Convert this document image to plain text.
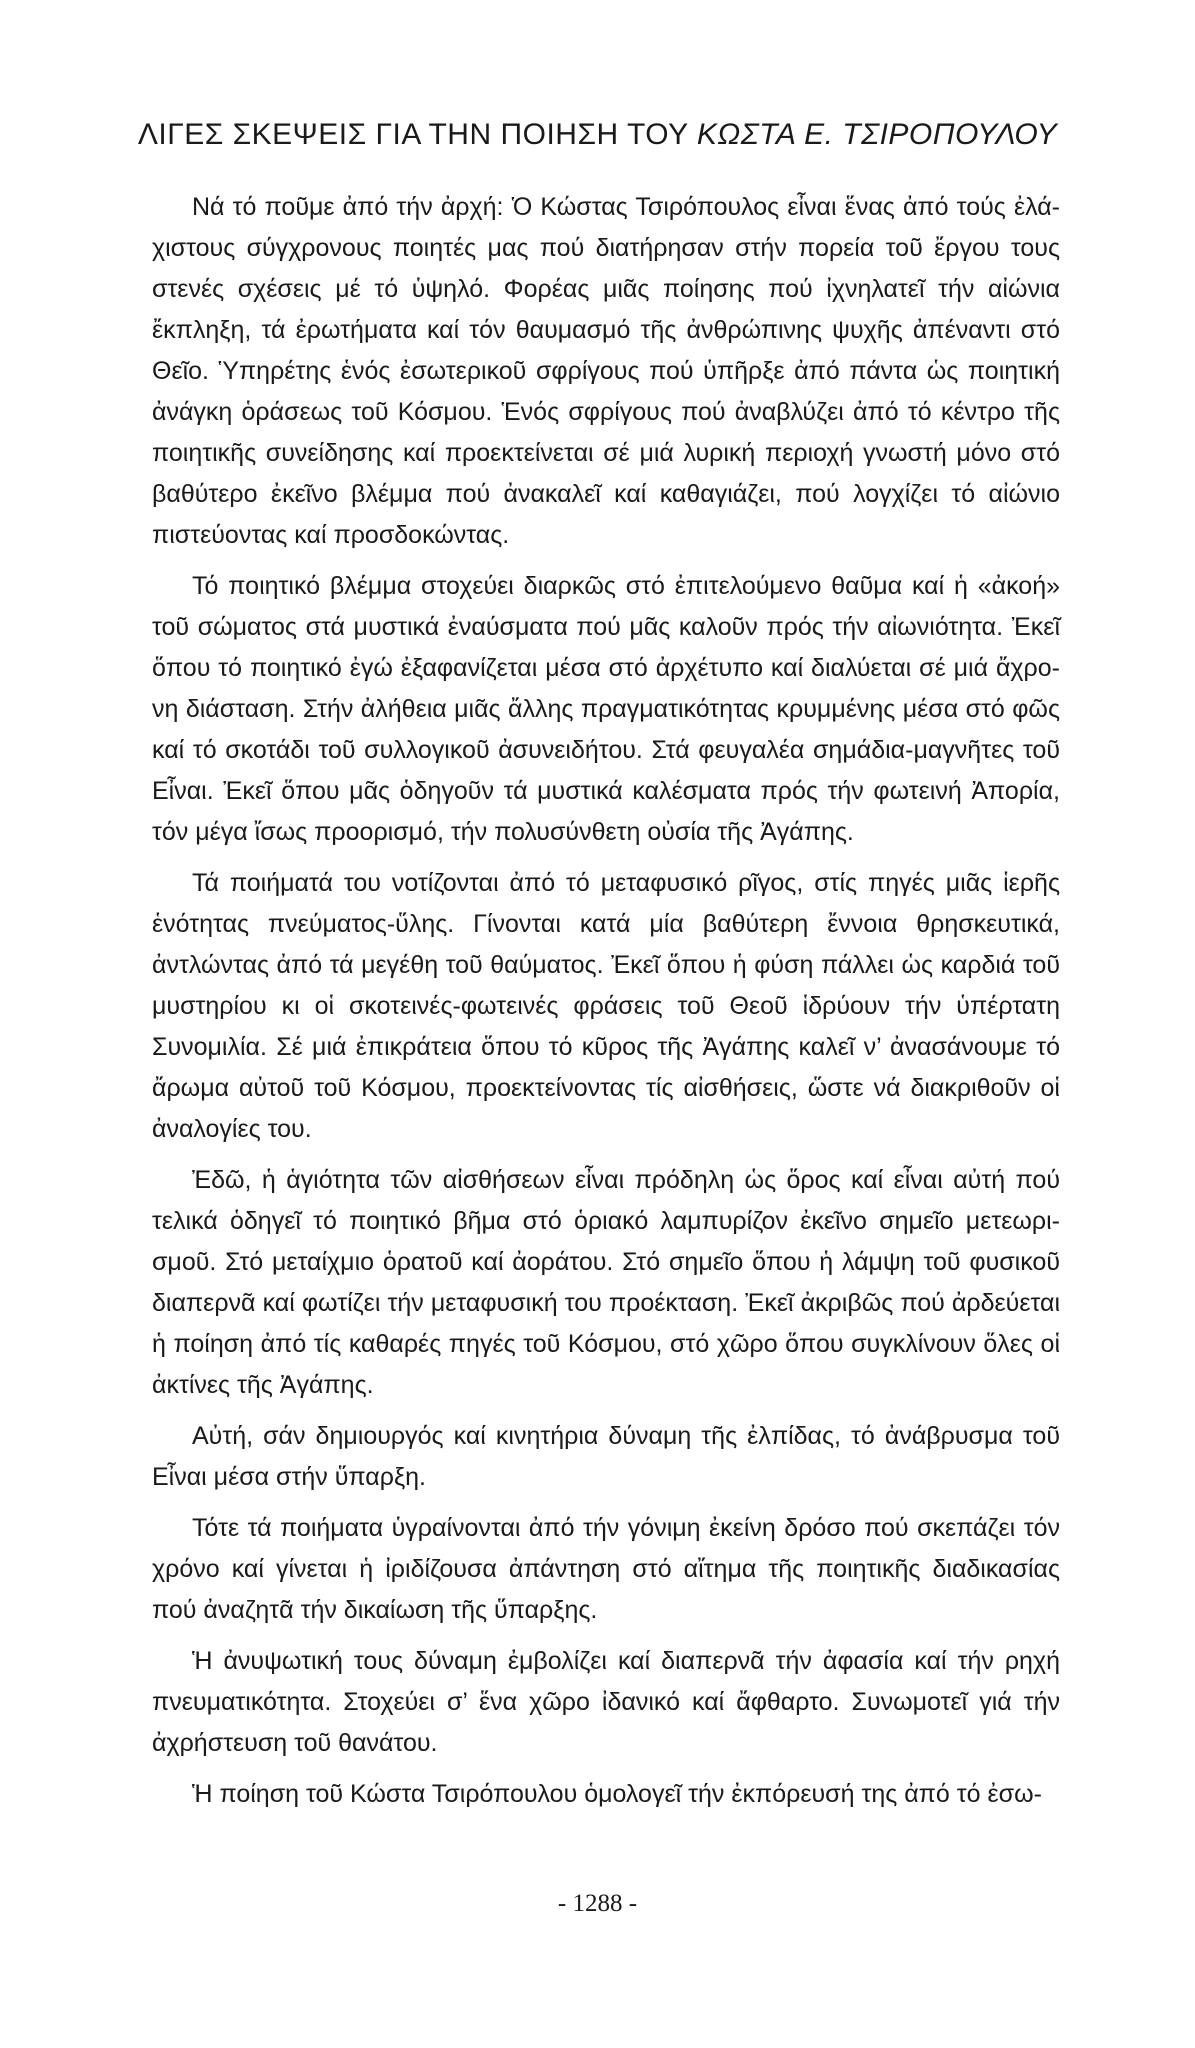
ΛΙΓΕΣ ΣΚΕΨΕΙΣ ΓΙΑ ΤΗΝ ΠΟΙΗΣΗ ΤΟΥ ΚΩΣΤΑ Ε. ΤΣΙΡΟΠΟΥΛΟΥ

Νά τό ποῦμε ἀπό τήν ἀρχή: Ὁ Κώστας Τσιρόπουλος εἶναι ἕνας ἀπό τούς ἐλάχιστους σύγχρονους ποιητές μας πού διατήρησαν στήν πορεία τοῦ ἔργου τους στενές σχέσεις μέ τό ὑψηλό. Φορέας μιᾶς ποίησης πού ἰχνηλατεῖ τήν αἰώνια ἔκπληξη, τά ἐρωτήματα καί τόν θαυμασμό τῆς ἀνθρώπινης ψυχῆς ἀπέναντι στό Θεῖο. Ὑπηρέτης ἑνός ἐσωτερικοῦ σφρίγους πού ὑπῆρξε ἀπό πάντα ὡς ποιητική ἀνάγκη ὁράσεως τοῦ Κόσμου. Ἑνός σφρίγους πού ἀναβλύζει ἀπό τό κέντρο τῆς ποιητικῆς συνείδησης καί προεκτείνεται σέ μιά λυρική περιοχή γνωστή μόνο στό βαθύτερο ἐκεῖνο βλέμμα πού ἀνακαλεῖ καί καθαγιάζει, πού λογχίζει τό αἰώνιο πιστεύοντας καί προσδοκώντας.

Τό ποιητικό βλέμμα στοχεύει διαρκῶς στό ἐπιτελούμενο θαῦμα καί ἡ «ἀκοή» τοῦ σώματος στά μυστικά ἐναύσματα πού μᾶς καλοῦν πρός τήν αἰωνιότητα. Ἐκεῖ ὅπου τό ποιητικό ἐγώ ἐξαφανίζεται μέσα στό ἀρχέτυπο καί διαλύεται σέ μιά ἄχρονη διάσταση. Στήν ἀλήθεια μιᾶς ἄλλης πραγματικότητας κρυμμένης μέσα στό φῶς καί τό σκοτάδι τοῦ συλλογικοῦ ἀσυνειδήτου. Στά φευγαλέα σημάδια-μαγνῆτες τοῦ Εἶναι. Ἐκεῖ ὅπου μᾶς ὁδηγοῦν τά μυστικά καλέσματα πρός τήν φωτεινή Ἀπορία, τόν μέγα ἴσως προορισμό, τήν πολυσύνθετη οὐσία τῆς Ἀγάπης.

Τά ποιήματά του νοτίζονται ἀπό τό μεταφυσικό ρῖγος, στίς πηγές μιᾶς ἱερῆς ἑνότητας πνεύματος-ὕλης. Γίνονται κατά μία βαθύτερη ἔννοια θρησκευτικά, ἀντλώντας ἀπό τά μεγέθη τοῦ θαύματος. Ἐκεῖ ὅπου ἡ φύση πάλλει ὡς καρδιά τοῦ μυστηρίου κι οἱ σκοτεινές-φωτεινές φράσεις τοῦ Θεοῦ ἱδρύουν τήν ὑπέρτατη Συνομιλία. Σέ μιά ἐπικράτεια ὅπου τό κῦρος τῆς Ἀγάπης καλεῖ ν’ ἀνασάνουμε τό ἄρωμα αὐτοῦ τοῦ Κόσμου, προεκτείνοντας τίς αἰσθήσεις, ὥστε νά διακριθοῦν οἱ ἀναλογίες του.

Ἐδῶ, ἡ ἁγιότητα τῶν αἰσθήσεων εἶναι πρόδηλη ὡς ὅρος καί εἶναι αὐτή πού τελικά ὁδηγεῖ τό ποιητικό βῆμα στό ὁριακό λαμπυρίζον ἐκεῖνο σημεῖο μετεωρισμοῦ. Στό μεταίχμιο ὁρατοῦ καί ἀοράτου. Στό σημεῖο ὅπου ἡ λάμψη τοῦ φυσικοῦ διαπερνᾶ καί φωτίζει τήν μεταφυσική του προέκταση. Ἐκεῖ ἀκριβῶς πού ἀρδεύεται ἡ ποίηση ἀπό τίς καθαρές πηγές τοῦ Κόσμου, στό χῶρο ὅπου συγκλίνουν ὅλες οἱ ἀκτίνες τῆς Ἀγάπης.

Αὐτή, σάν δημιουργός καί κινητήρια δύναμη τῆς ἐλπίδας, τό ἀνάβρυσμα τοῦ Εἶναι μέσα στήν ὕπαρξη.

Τότε τά ποιήματα ὑγραίνονται ἀπό τήν γόνιμη ἐκείνη δρόσο πού σκεπάζει τόν χρόνο καί γίνεται ἡ ἰριδίζουσα ἀπάντηση στό αἴτημα τῆς ποιητικῆς διαδικασίας πού ἀναζητᾶ τήν δικαίωση τῆς ὕπαρξης.

Ἡ ἀνυψωτική τους δύναμη ἐμβολίζει καί διαπερνᾶ τήν ἀφασία καί τήν ρηχή πνευματικότητα. Στοχεύει σ’ ἕνα χῶρο ἰδανικό καί ἄφθαρτο. Συνωμοτεῖ γιά τήν ἀχρήστευση τοῦ θανάτου.

Ἡ ποίηση τοῦ Κώστα Τσιρόπουλου ὁμολογεῖ τήν ἐκπόρευσή της ἀπό τό ἐσω-

- 1288 -
